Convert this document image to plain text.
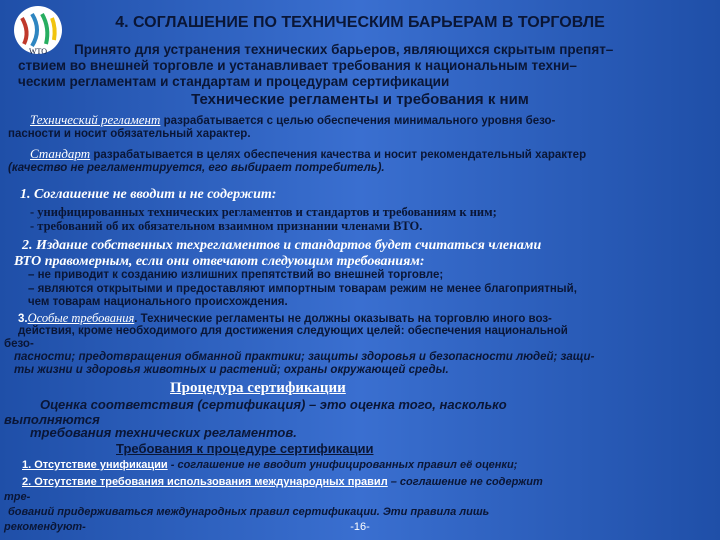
WTO
4. СОГЛАШЕНИЕ ПО ТЕХНИЧЕСКИМ БАРЬЕРАМ В ТОРГОВЛЕ
Принято для устранения технических барьеров, являющихся скрытым препят–
ствием во внешней торговле и устанавливает требования к национальным техни–
ческим регламентам и стандартам и процедурам сертификации
Технические регламенты и требования к ним
Технический регламент разрабатывается с целью обеспечения минимального уровня безо-
пасности и носит обязательный характер.
Стандарт разрабатывается в целях обеспечения качества и носит рекомендательный характер
(качество не регламентируется, его выбирает потребитель).
1. Соглашение не вводит и не содержит:
- унифицированных технических регламентов и стандартов и требованиям к ним;
- требований об их обязательном взаимном признании членами ВТО.
2. Издание собственных техрегламентов и стандартов будет считаться членами
ВТО правомерным, если они отвечают следующим требованиям:
– не приводит к созданию излишних препятствий во внешней торговле;
– являются открытыми и предоставляют импортным товарам режим не менее благоприятный,
чем товарам национального происхождения.
3.Особые требования. Технические регламенты не должны оказывать на торговлю иного воз-
действия, кроме необходимого для достижения следующих целей: обеспечения национальной
безо-
пасности; предотвращения обманной практики; защиты здоровья и безопасности людей; защи-
ты жизни и здоровья животных и растений; охраны окружающей среды.
Процедура сертификации
Оценка соответствия (сертификация) – это оценка того, насколько
выполняются
требования технических регламентов.
Требования к процедуре сертификации
1. Отсутствие унификации - соглашение не вводит унифицированных правил её оценки;
2. Отсутствие требования использования международных правил – соглашение не содержит
тре-
бований придерживаться международных правил сертификации. Эти правила лишь
рекомендуют-	-16-
